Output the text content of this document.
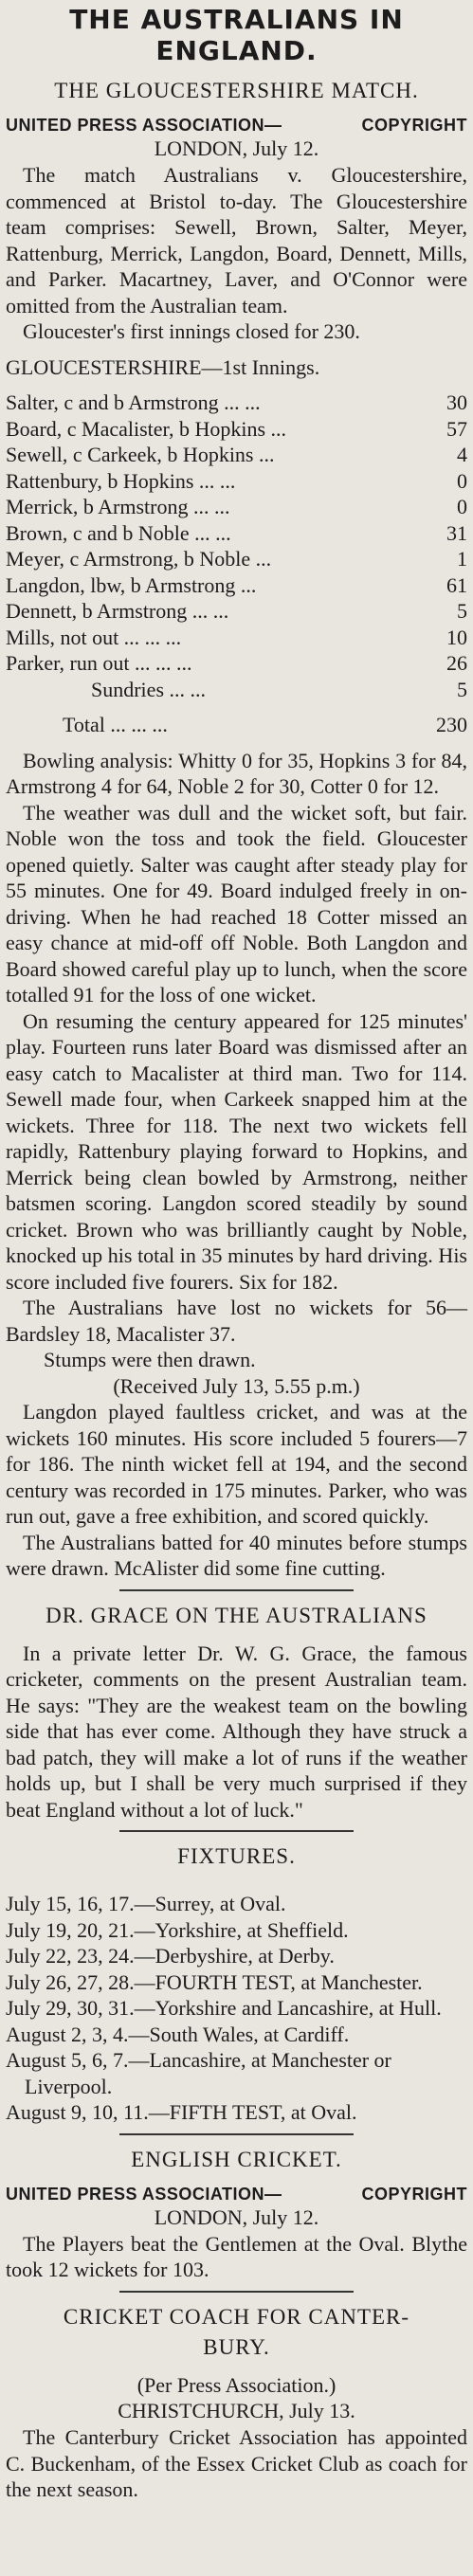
THE AUSTRALIANS IN ENGLAND.
THE GLOUCESTERSHIRE MATCH.
UNITED PRESS ASSOCIATION—	COPYRIGHT
LONDON, July 12.

The match Australians v. Gloucestershire, commenced at Bristol to-day. The Gloucestershire team comprises: Sewell, Brown, Salter, Meyer, Rattenburg, Merrick, Langdon, Board, Dennett, Mills, and Parker. Macartney, Laver, and O'Connor were omitted from the Australian team.

Gloucester's first innings closed for 230.

GLOUCESTERSHIRE—1st Innings.
Salter, c and b Armstrong ... ...	30
Board, c Macalister, b Hopkins ...	57
Sewell, c Carkeek, b Hopkins ...	4
Rattenbury, b Hopkins ... ...	0
Merrick, b Armstrong ... ...	0
Brown, c and b Noble ... ...	31
Meyer, c Armstrong, b Noble ...	1
Langdon, lbw, b Armstrong ...	61
Dennett, b Armstrong ... ...	5
Mills, not out ... ... ...	10
Parker, run out ... ... ...	26
Sundries ... ...	5
Total ... ... ...	230

Bowling analysis: Whitty 0 for 35, Hopkins 3 for 84, Armstrong 4 for 64, Noble 2 for 30, Cotter 0 for 12.

The weather was dull and the wicket soft, but fair. Noble won the toss and took the field. Gloucester opened quietly. Salter was caught after steady play for 55 minutes. One for 49. Board indulged freely in on-driving. When he had reached 18 Cotter missed an easy chance at mid-off off Noble. Both Langdon and Board showed careful play up to lunch, when the score totalled 91 for the loss of one wicket.

On resuming the century appeared for 125 minutes' play. Fourteen runs later Board was dismissed after an easy catch to Macalister at third man. Two for 114. Sewell made four, when Carkeek snapped him at the wickets. Three for 118. The next two wickets fell rapidly, Rattenbury playing forward to Hopkins, and Merrick being clean bowled by Armstrong, neither batsmen scoring. Langdon scored steadily by sound cricket. Brown who was brilliantly caught by Noble, knocked up his total in 35 minutes by hard driving. His score included five fourers. Six for 182.

The Australians have lost no wickets for 56—Bardsley 18, Macalister 37.

Stumps were then drawn.

(Received July 13, 5.55 p.m.)

Langdon played faultless cricket, and was at the wickets 160 minutes. His score included 5 fourers—7 for 186. The ninth wicket fell at 194, and the second century was recorded in 175 minutes. Parker, who was run out, gave a free exhibition, and scored quickly.

The Australians batted for 40 minutes before stumps were drawn. McAlister did some fine cutting.

DR. GRACE ON THE AUSTRALIANS

In a private letter Dr. W. G. Grace, the famous cricketer, comments on the present Australian team. He says: "They are the weakest team on the bowling side that has ever come. Although they have struck a bad patch, they will make a lot of runs if the weather holds up, but I shall be very much surprised if they beat England without a lot of luck."

FIXTURES.
July 15, 16, 17.—Surrey, at Oval.
July 19, 20, 21.—Yorkshire, at Sheffield.
July 22, 23, 24.—Derbyshire, at Derby.
July 26, 27, 28.—FOURTH TEST, at Manchester.
July 29, 30, 31.—Yorkshire and Lancashire, at Hull.
August 2, 3, 4.—South Wales, at Cardiff.
August 5, 6, 7.—Lancashire, at Manchester or Liverpool.
August 9, 10, 11.—FIFTH TEST, at Oval.
ENGLISH CRICKET.
UNITED PRESS ASSOCIATION—	COPYRIGHT
LONDON, July 12.

The Players beat the Gentlemen at the Oval. Blythe took 12 wickets for 103.

CRICKET COACH FOR CANTER-
BURY.
(Per Press Association.)
CHRISTCHURCH, July 13.

The Canterbury Cricket Association has appointed C. Buckenham, of the Essex Cricket Club as coach for the next season.
